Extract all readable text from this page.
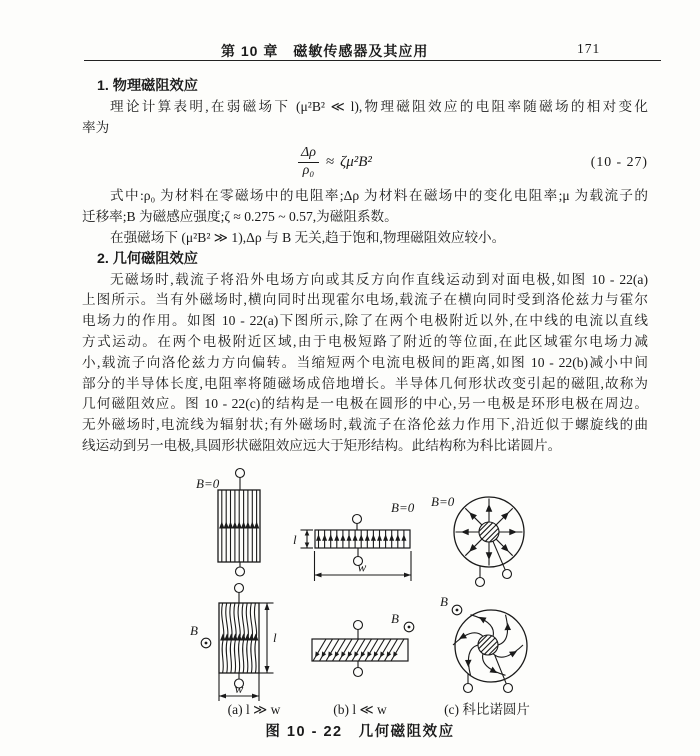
第 10 章　磁敏传感器及其应用	171
1. 物理磁阻效应
理论计算表明,在弱磁场下 (μ²B² ≪ l),物理磁阻效应的电阻率随磁场的相对变化
率为
$\frac{\Delta\rho}{\text{ρ₀}} \approx \zeta\mu^2B^2$	(10 - 27)
式中:ρ₀ 为材料在零磁场中的电阻率;Δρ 为材料在磁场中的变化电阻率;μ 为载流子的
迁移率;B 为磁感应强度;ζ ≈ 0.275 ~ 0.57,为磁阻系数。
在强磁场下 (μ²B² ≫ 1),Δρ 与 B 无关,趋于饱和,物理磁阻效应较小。
2. 几何磁阻效应
无磁场时,载流子将沿外电场方向或其反方向作直线运动到对面电极,如图 10 - 22(a)
上图所示。当有外磁场时,横向同时出现霍尔电场,载流子在横向同时受到洛伦兹力与霍尔
电场力的作用。如图 10 - 22(a)下图所示,除了在两个电极附近以外,在中线的电流以直线
方式运动。在两个电极附近区域,由于电极短路了附近的等位面,在此区域霍尔电场力减
小,载流子向洛伦兹力方向偏转。当缩短两个电流电极间的距离,如图 10 - 22(b)减小中间
部分的半导体长度,电阻率将随磁场成倍地增长。半导体几何形状改变引起的磁阻,故称为
几何磁阻效应。图 10 - 22(c)的结构是一电极在圆形的中心,另一电极是环形电极在周边。
无外磁场时,电流线为辐射状;有外磁场时,载流子在洛伦兹力作用下,沿近似于螺旋线的曲
线运动到另一电极,具圆形状磁阻效应远大于矩形结构。此结构称为科比诺圆片。
B=0
B	l
w
(a) l ≫ w
B=0
l
w
B
(b) l ≪ w
B=0
B
(c) 科比诺圆片
图 10 - 22　几何磁阻效应
